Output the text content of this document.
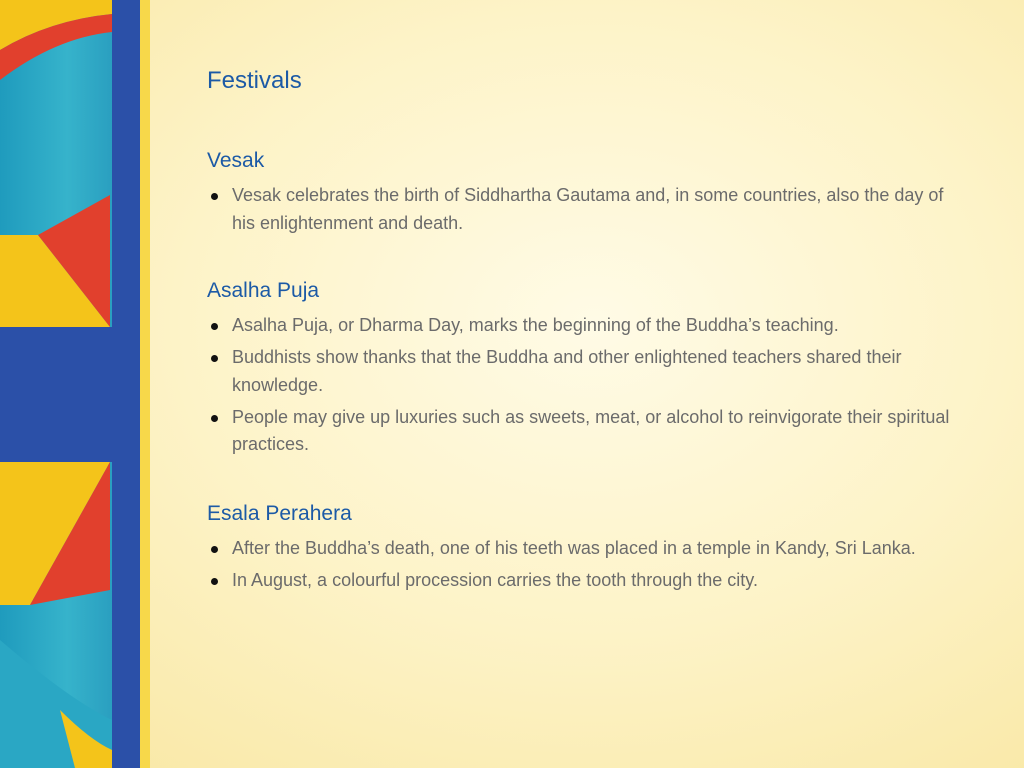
Festivals
Vesak
Vesak celebrates the birth of Siddhartha Gautama and, in some countries, also the day of his enlightenment and death.
Asalha Puja
Asalha Puja, or Dharma Day, marks the beginning of the Buddha’s teaching.
Buddhists show thanks that the Buddha and other enlightened teachers shared their knowledge.
People may give up luxuries such as sweets, meat, or alcohol to reinvigorate their spiritual practices.
Esala Perahera
After the Buddha’s death, one of his teeth was placed in a temple in Kandy, Sri Lanka.
In August, a colourful procession carries the tooth through the city.
